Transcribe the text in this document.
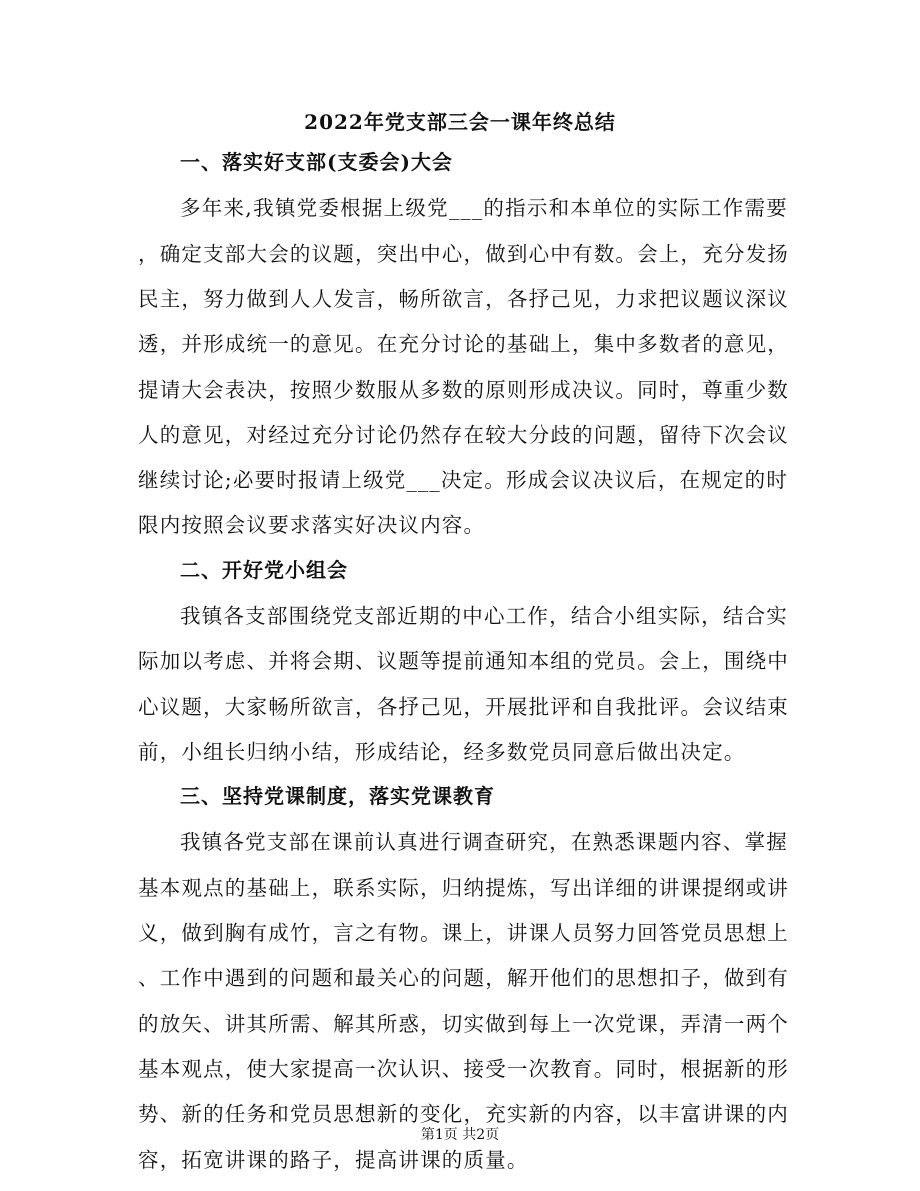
2022年党支部三会一课年终总结
一、落实好支部(支委会)大会
多年来,我镇党委根据上级党___的指示和本单位的实际工作需要
，确定支部大会的议题，突出中心，做到心中有数。会上，充分发扬
民主，努力做到人人发言，畅所欲言，各抒己见，力求把议题议深议
透，并形成统一的意见。在充分讨论的基础上，集中多数者的意见，
提请大会表决，按照少数服从多数的原则形成决议。同时，尊重少数
人的意见，对经过充分讨论仍然存在较大分歧的问题，留待下次会议
继续讨论;必要时报请上级党___决定。形成会议决议后，在规定的时
限内按照会议要求落实好决议内容。
二、开好党小组会
我镇各支部围绕党支部近期的中心工作，结合小组实际，结合实
际加以考虑、并将会期、议题等提前通知本组的党员。会上，围绕中
心议题，大家畅所欲言，各抒己见，开展批评和自我批评。会议结束
前，小组长归纳小结，形成结论，经多数党员同意后做出决定。
三、坚持党课制度，落实党课教育
我镇各党支部在课前认真进行调查研究，在熟悉课题内容、掌握
基本观点的基础上，联系实际，归纳提炼，写出详细的讲课提纲或讲
义，做到胸有成竹，言之有物。课上，讲课人员努力回答党员思想上
、工作中遇到的问题和最关心的问题，解开他们的思想扣子，做到有
的放矢、讲其所需、解其所惑，切实做到每上一次党课，弄清一两个
基本观点，使大家提高一次认识、接受一次教育。同时，根据新的形
势、新的任务和党员思想新的变化，充实新的内容，以丰富讲课的内
容，拓宽讲课的路子，提高讲课的质量。
第1页 共2页
